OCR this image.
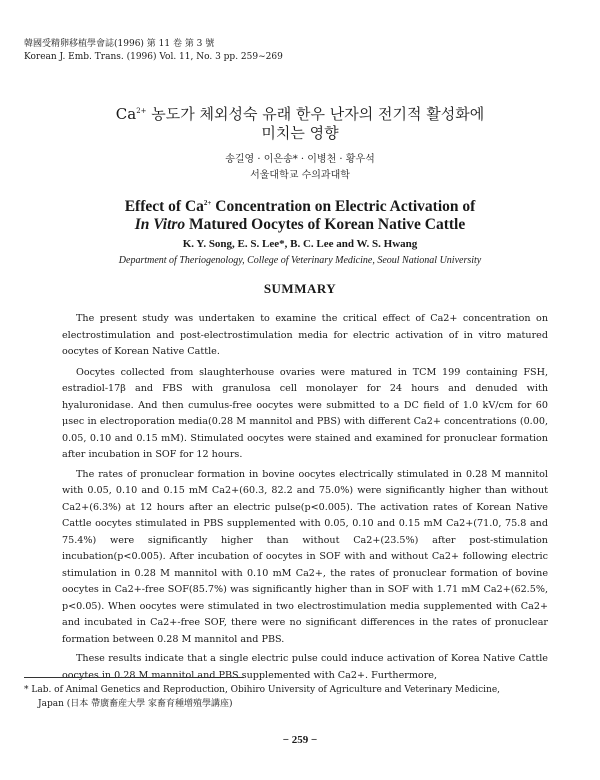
韓國受精卵移植學會誌(1996) 第 11 卷 第 3 號
Korean J. Emb. Trans. (1996) Vol. 11, No. 3 pp. 259∼269
$Ca^{2+}$ 농도가 체외성숙 유래 한우 난자의 전기적 활성화에
미치는 영향
송길영 · 이은송* · 이병천 · 황우석
서울대학교 수의과대학
Effect of $Ca^{2+}$ Concentration on Electric Activation of
In Vitro Matured Oocytes of Korean Native Cattle
K. Y. Song, E. S. Lee*, B. C. Lee and W. S. Hwang
Department of Theriogenology, College of Veterinary Medicine, Seoul National University
SUMMARY

The present study was undertaken to examine the critical effect of Ca2+ concentration on electrostimulation and post-electrostimulation media for electric activation of in vitro matured oocytes of Korean Native Cattle.

Oocytes collected from slaughterhouse ovaries were matured in TCM 199 containing FSH, estradiol-17β and FBS with granulosa cell monolayer for 24 hours and denuded with hyaluronidase. And then cumulus-free oocytes were submitted to a DC field of 1.0 kV/cm for 60 μsec in electroporation media(0.28 M mannitol and PBS) with different Ca2+ concentrations (0.00, 0.05, 0.10 and 0.15 mM). Stimulated oocytes were stained and examined for pronuclear formation after incubation in SOF for 12 hours.

The rates of pronuclear formation in bovine oocytes electrically stimulated in 0.28 M mannitol with 0.05, 0.10 and 0.15 mM Ca2+(60.3, 82.2 and 75.0%) were significantly higher than without Ca2+(6.3%) at 12 hours after an electric pulse(p<0.005). The activation rates of Korean Native Cattle oocytes stimulated in PBS supplemented with 0.05, 0.10 and 0.15 mM Ca2+(71.0, 75.8 and 75.4%) were significantly higher than without Ca2+(23.5%) after post-stimulation incubation(p<0.005). After incubation of oocytes in SOF with and without Ca2+ following electric stimulation in 0.28 M mannitol with 0.10 mM Ca2+, the rates of pronuclear formation of bovine oocytes in Ca2+-free SOF(85.7%) was significantly higher than in SOF with 1.71 mM Ca2+(62.5%, p<0.05). When oocytes were stimulated in two electrostimulation media supplemented with Ca2+ and incubated in Ca2+-free SOF, there were no significant differences in the rates of pronuclear formation between 0.28 M mannitol and PBS.

These results indicate that a single electric pulse could induce activation of Korea Native Cattle oocytes in 0.28 M mannitol and PBS supplemented with Ca2+. Furthermore,

* Lab. of Animal Genetics and Reproduction, Obihiro University of Agriculture and Veterinary Medicine,
Japan (日本 帶廣畜産大學 家畜育種增殖學講座)
− 259 −
